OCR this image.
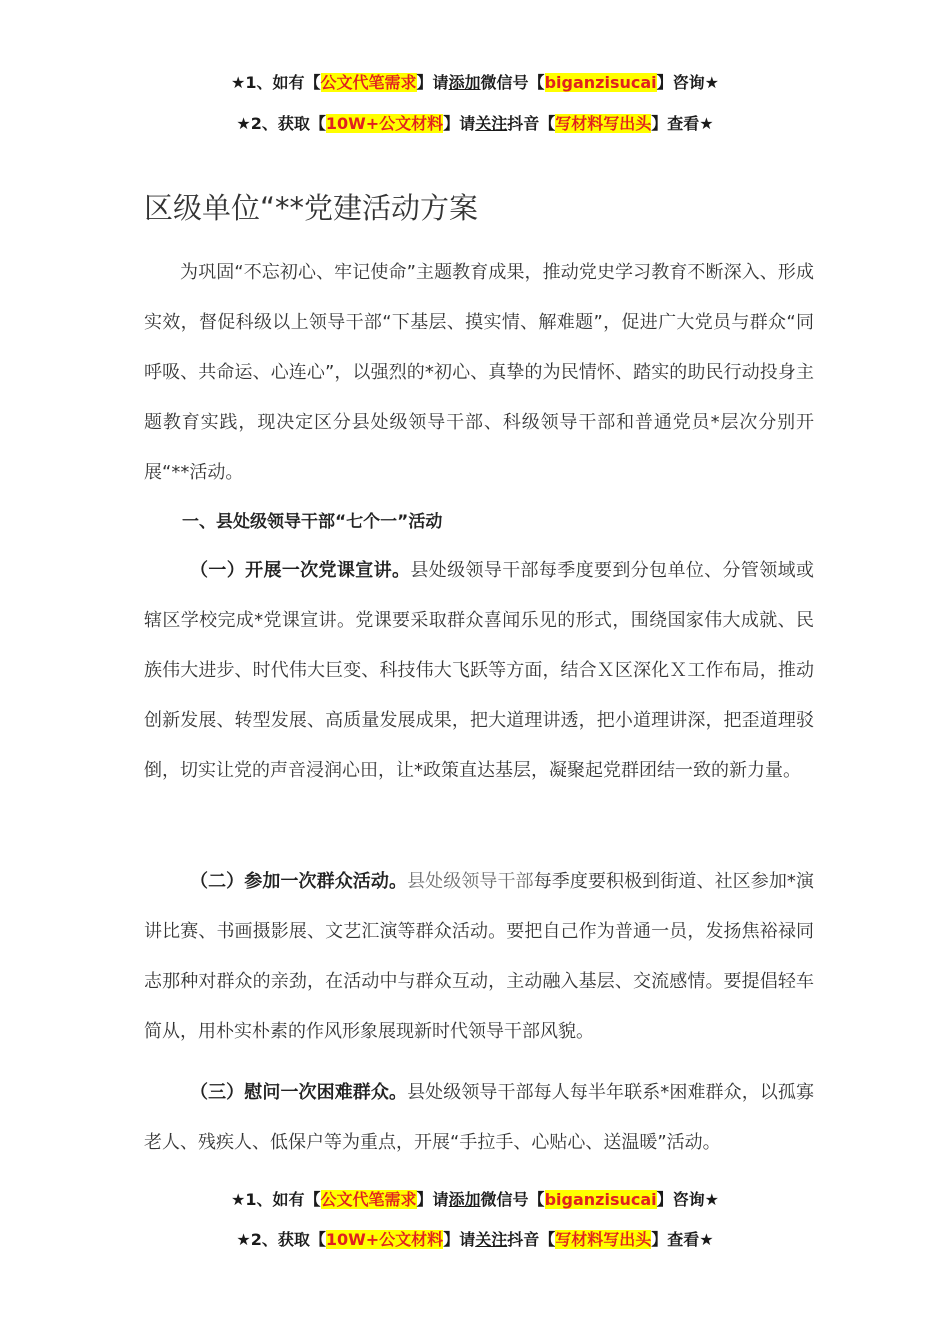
★1、如有【公文代笔需求】请添加微信号【biganzisucai】咨询★
★2、获取【10W+公文材料】请关注抖音【写材料写出头】查看★
区级单位“**党建活动方案

为巩固“不忘初心、牢记使命”主题教育成果，推动党史学习教育不断深入、形成实效，督促科级以上领导干部“下基层、摸实情、解难题”，促进广大党员与群众“同呼吸、共命运、心连心”，以强烈的*初心、真挚的为民情怀、踏实的助民行动投身主题教育实践，现决定区分县处级领导干部、科级领导干部和普通党员*层次分别开展“**活动。

一、县处级领导干部“七个一”活动

（一）开展一次党课宣讲。县处级领导干部每季度要到分包单位、分管领域或辖区学校完成*党课宣讲。党课要采取群众喜闻乐见的形式，围绕国家伟大成就、民族伟大进步、时代伟大巨变、科技伟大飞跃等方面，结合Ｘ区深化Ｘ工作布局，推动创新发展、转型发展、高质量发展成果，把大道理讲透，把小道理讲深，把歪道理驳倒，切实让党的声音浸润心田，让*政策直达基层，凝聚起党群团结一致的新力量。

（二）参加一次群众活动。县处级领导干部每季度要积极到街道、社区参加*演讲比赛、书画摄影展、文艺汇演等群众活动。要把自己作为普通一员，发扬焦裕禄同志那种对群众的亲劲，在活动中与群众互动，主动融入基层、交流感情。要提倡轻车简从，用朴实朴素的作风形象展现新时代领导干部风貌。

（三）慰问一次困难群众。县处级领导干部每人每半年联系*困难群众，以孤寡老人、残疾人、低保户等为重点，开展“手拉手、心贴心、送温暖”活动。

★1、如有【公文代笔需求】请添加微信号【biganzisucai】咨询★
★2、获取【10W+公文材料】请关注抖音【写材料写出头】查看★
